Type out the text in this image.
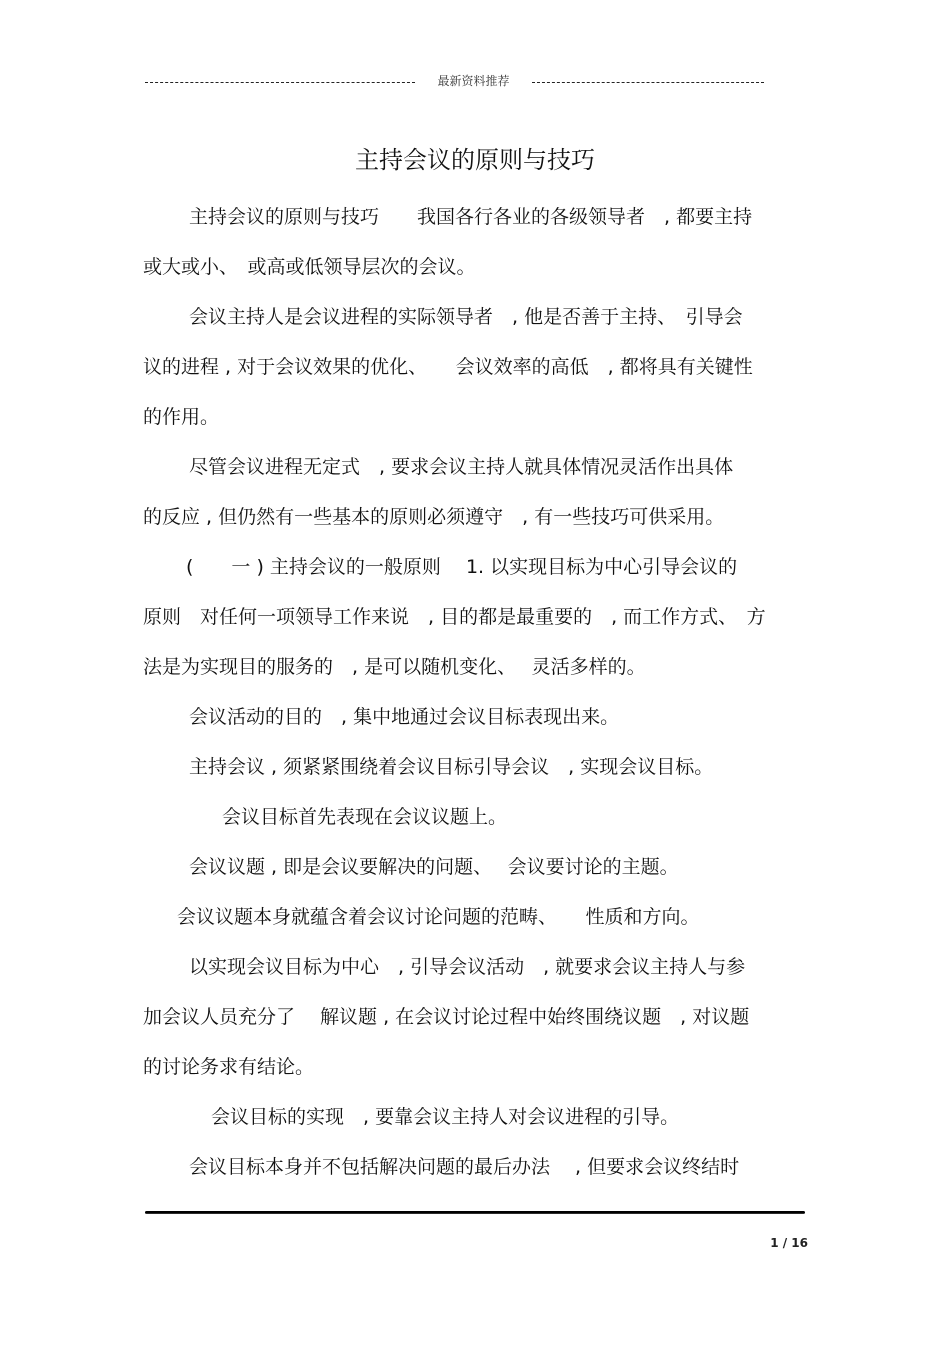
最新资料推荐
主持会议的原则与技巧
主持会议的原则与技巧　　我国各行各业的各级领导者　, 都要主持
或大或小、　或高或低领导层次的会议。
会议主持人是会议进程的实际领导者　, 他是否善于主持、　引导会
议的进程 , 对于会议效果的优化、　　会议效率的高低　, 都将具有关键性
的作用。
尽管会议进程无定式　, 要求会议主持人就具体情况灵活作出具体
的反应 , 但仍然有一些基本的原则必须遵守　, 有一些技巧可供采用。
(　　一 ) 主持会议的一般原则　 1. 以实现目标为中心引导会议的
原则　对任何一项领导工作来说　, 目的都是最重要的　, 而工作方式、　方
法是为实现目的服务的　, 是可以随机变化、　 灵活多样的。
会议活动的目的　, 集中地通过会议目标表现出来。
主持会议 , 须紧紧围绕着会议目标引导会议　, 实现会议目标。
会议目标首先表现在会议议题上。
会议议题 , 即是会议要解决的问题、　 会议要讨论的主题。
会议议题本身就蕴含着会议讨论问题的范畴、　　性质和方向。
以实现会议目标为中心　, 引导会议活动　, 就要求会议主持人与参
加会议人员充分了　 解议题 , 在会议讨论过程中始终围绕议题　, 对议题
的讨论务求有结论。
会议目标的实现　, 要靠会议主持人对会议进程的引导。
会议目标本身并不包括解决问题的最后办法　 , 但要求会议终结时
1 / 16
